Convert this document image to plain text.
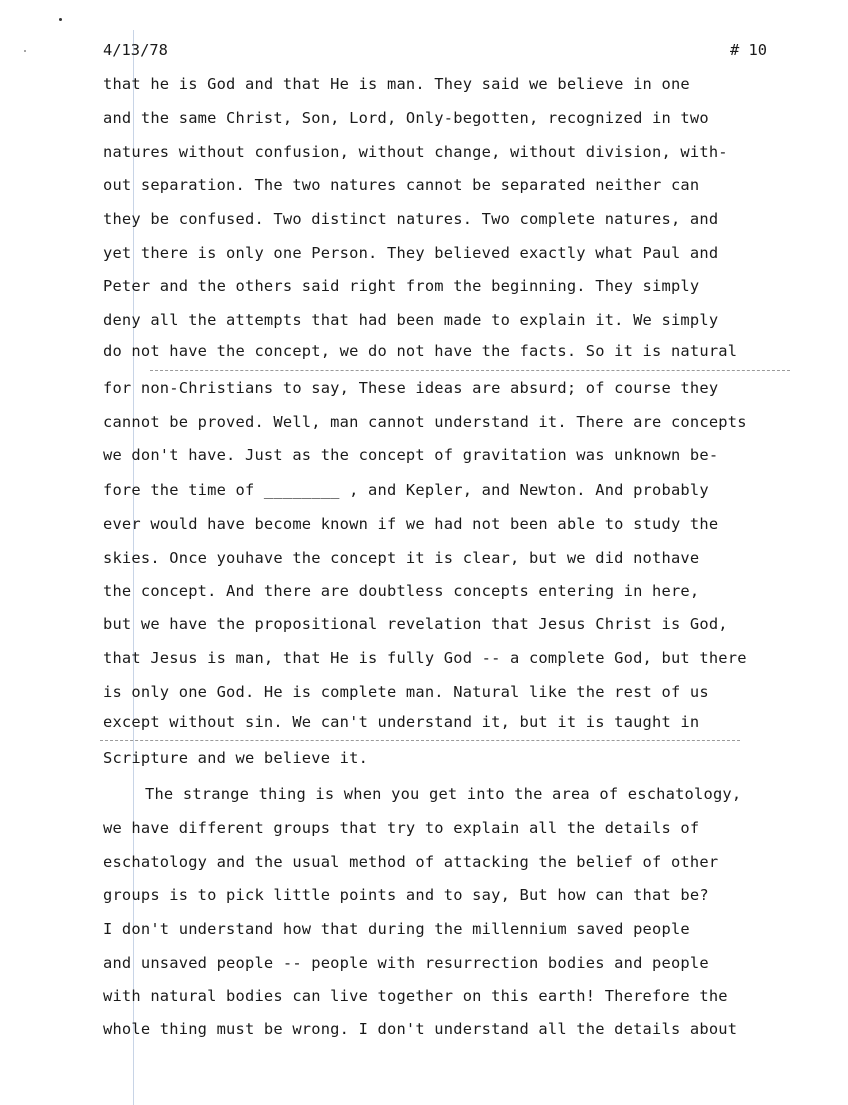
4/13/78	# 10
that he is God and that He is man. They said we believe in one
and the same Christ, Son, Lord, Only-begotten, recognized in two
natures without confusion, without change, without division, with-
out separation. The two natures cannot be separated neither can
they be confused. Two distinct natures. Two complete natures, and
yet there is only one Person. They believed exactly what Paul and
Peter and the others said right from the beginning. They simply
deny all the attempts that had been made to explain it. We simply
do not have the concept, we do not have the facts. So it is natural
for non-Christians to say, These ideas are absurd; of course they
cannot be proved. Well, man cannot understand it. There are concepts
we don't have. Just as the concept of gravitation was unknown be-
fore the time of ________ , and Kepler, and Newton. And probably
ever would have become known if we had not been able to study the
skies. Once youhave the concept it is clear, but we did nothave
the concept. And there are doubtless concepts entering in here,
but we have the propositional revelation that Jesus Christ is God,
that Jesus is man, that He is fully God -- a complete God, but there
is only one God. He is complete man. Natural like the rest of us
except without sin. We can't understand it, but it is taught in
Scripture and we believe it.
The strange thing is when you get into the area of eschatology,
we have different groups that try to explain all the details of
eschatology and the usual method of attacking the belief of other
groups is to pick little points and to say, But how can that be?
I don't understand how that during the millennium saved people
and unsaved people -- people with resurrection bodies and people
with natural bodies can live together on this earth! Therefore the
whole thing must be wrong. I don't understand all the details about
